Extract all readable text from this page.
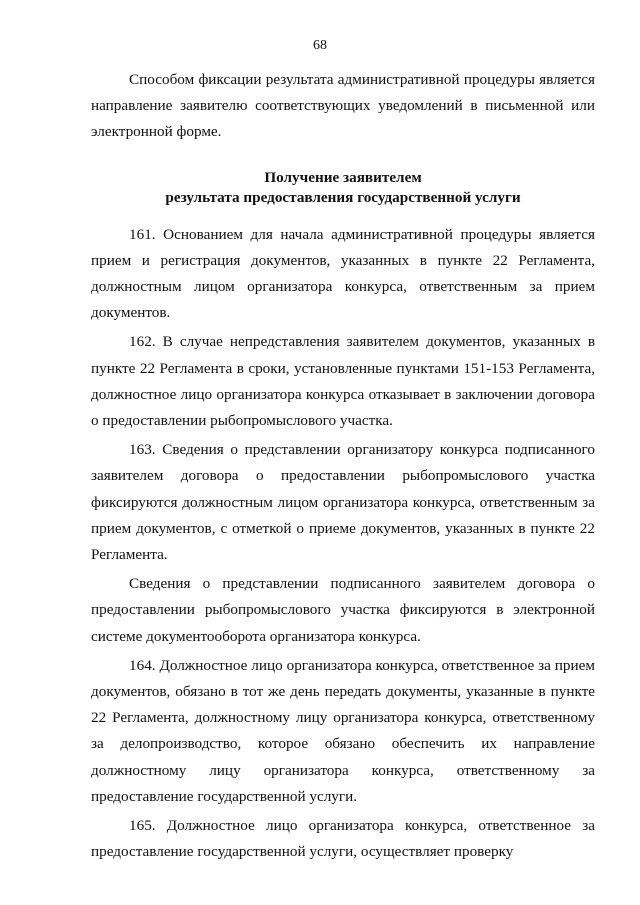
68

Способом фиксации результата административной процедуры является направление заявителю соответствующих уведомлений в письменной или электронной форме.

Получение заявителем
результата предоставления государственной услуги

161. Основанием для начала административной процедуры является прием и регистрация документов, указанных в пункте 22 Регламента, должностным лицом организатора конкурса, ответственным за прием документов.

162. В случае непредставления заявителем документов, указанных в пункте 22 Регламента в сроки, установленные пунктами 151-153 Регламента, должностное лицо организатора конкурса отказывает в заключении договора о предоставлении рыбопромыслового участка.

163. Сведения о представлении организатору конкурса подписанного заявителем договора о предоставлении рыбопромыслового участка фиксируются должностным лицом организатора конкурса, ответственным за прием документов, с отметкой о приеме документов, указанных в пункте 22 Регламента.

Сведения о представлении подписанного заявителем договора о предоставлении рыбопромыслового участка фиксируются в электронной системе документооборота организатора конкурса.

164. Должностное лицо организатора конкурса, ответственное за прием документов, обязано в тот же день передать документы, указанные в пункте 22 Регламента, должностному лицу организатора конкурса, ответственному за делопроизводство, которое обязано обеспечить их направление должностному лицу организатора конкурса, ответственному за предоставление государственной услуги.

165. Должностное лицо организатора конкурса, ответственное за предоставление государственной услуги, осуществляет проверку
